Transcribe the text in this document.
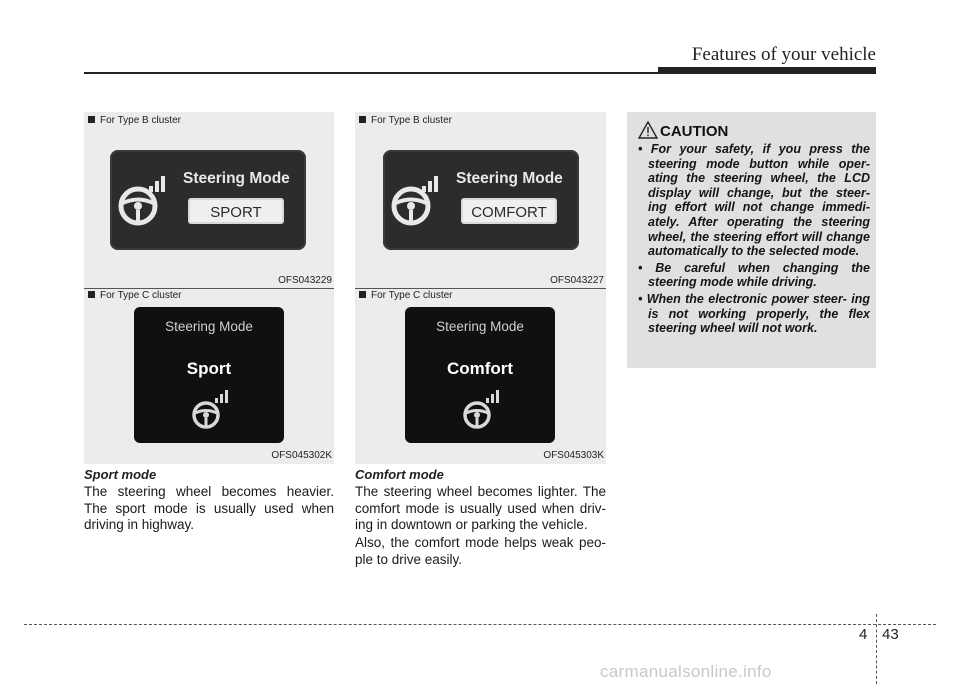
Features of your vehicle
For Type B cluster
Steering Mode
SPORT
OFS043229
For Type C cluster
Steering Mode
Sport
OFS045302K
For Type B cluster
Steering Mode
COMFORT
OFS043227
For Type C cluster
Steering Mode
Comfort
OFS045303K
Sport mode
The steering wheel becomes heavier. The sport mode is usually used when driving in highway.
Comfort mode
The steering wheel becomes lighter. The comfort mode is usually used when driv- ing in downtown or parking the vehicle.
Also, the comfort mode helps weak peo- ple to drive easily.
CAUTION
• For your safety, if you press the steering mode button while oper- ating the steering wheel, the LCD display will change, but the steer- ing effort will not change immedi- ately. After operating the steering wheel, the steering effort will change automatically to the selected mode.
• Be careful when changing the steering mode while driving.
• When the electronic power steer- ing is not working properly, the flex steering wheel will not work.
4 43
carmanualsonline.info
